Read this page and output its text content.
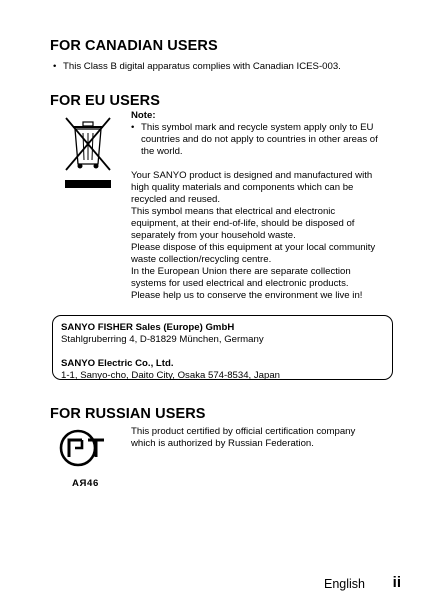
FOR CANADIAN USERS
• This Class B digital apparatus complies with Canadian ICES-003.
FOR EU USERS
Note:
• This symbol mark and recycle system apply only to EU
countries and do not apply to countries in other areas of
the world.
Your SANYO product is designed and manufactured with
high quality materials and components which can be
recycled and reused.
This symbol means that electrical and electronic
equipment, at their end-of-life, should be disposed of
separately from your household waste.
Please dispose of this equipment at your local community
waste collection/recycling centre.
In the European Union there are separate collection
systems for used electrical and electronic products.
Please help us to conserve the environment we live in!
SANYO FISHER Sales (Europe) GmbH
Stahlgruberring 4, D-81829 München, Germany
SANYO Electric Co., Ltd.
1-1, Sanyo-cho, Daito City, Osaka 574-8534, Japan
FOR RUSSIAN USERS
АЯ46
This product certified by official certification company
which is authorized by Russian Federation.
English ii
